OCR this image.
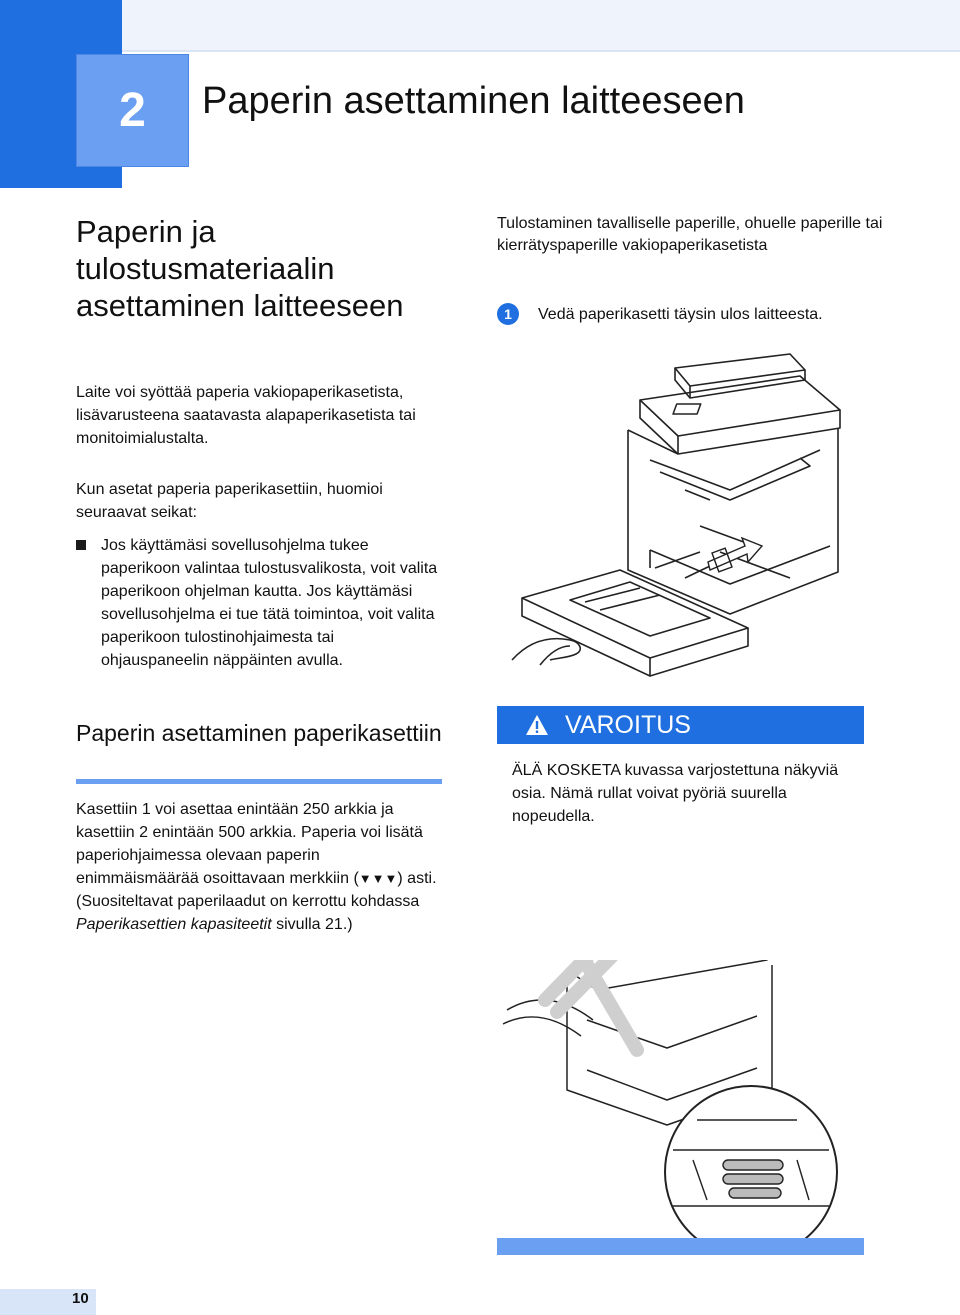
2 Paperin asettaminen laitteeseen
Paperin ja tulostusmateriaalin asettaminen laitteeseen
Laite voi syöttää paperia vakiopaperikasetista, lisävarusteena saatavasta alapaperikasetista tai monitoimialustalta.
Kun asetat paperia paperikasettiin, huomioi seuraavat seikat:
Jos käyttämäsi sovellusohjelma tukee paperikoon valintaa tulostusvalikosta, voit valita paperikoon ohjelman kautta. Jos käyttämäsi sovellusohjelma ei tue tätä toimintoa, voit valita paperikoon tulostinohjaimesta tai ohjauspaneelin näppäinten avulla.
Paperin asettaminen paperikasettiin
Kasettiin 1 voi asettaa enintään 250 arkkia ja kasettiin 2 enintään 500 arkkia. Paperia voi lisätä paperiohjaimessa olevaan paperin enimmäismäärää osoittavaan merkkiin (▼▼▼) asti. (Suositeltavat paperilaadut on kerrottu kohdassa Paperikasettien kapasiteetit sivulla 21.)
Tulostaminen tavalliselle paperille, ohuelle paperille tai kierrätyspaperille vakiopaperikasetista
1	Vedä paperikasetti täysin ulos laitteesta.
VAROITUS
ÄLÄ KOSKETA kuvassa varjostettuna näkyviä osia. Nämä rullat voivat pyöriä suurella nopeudella.
10
